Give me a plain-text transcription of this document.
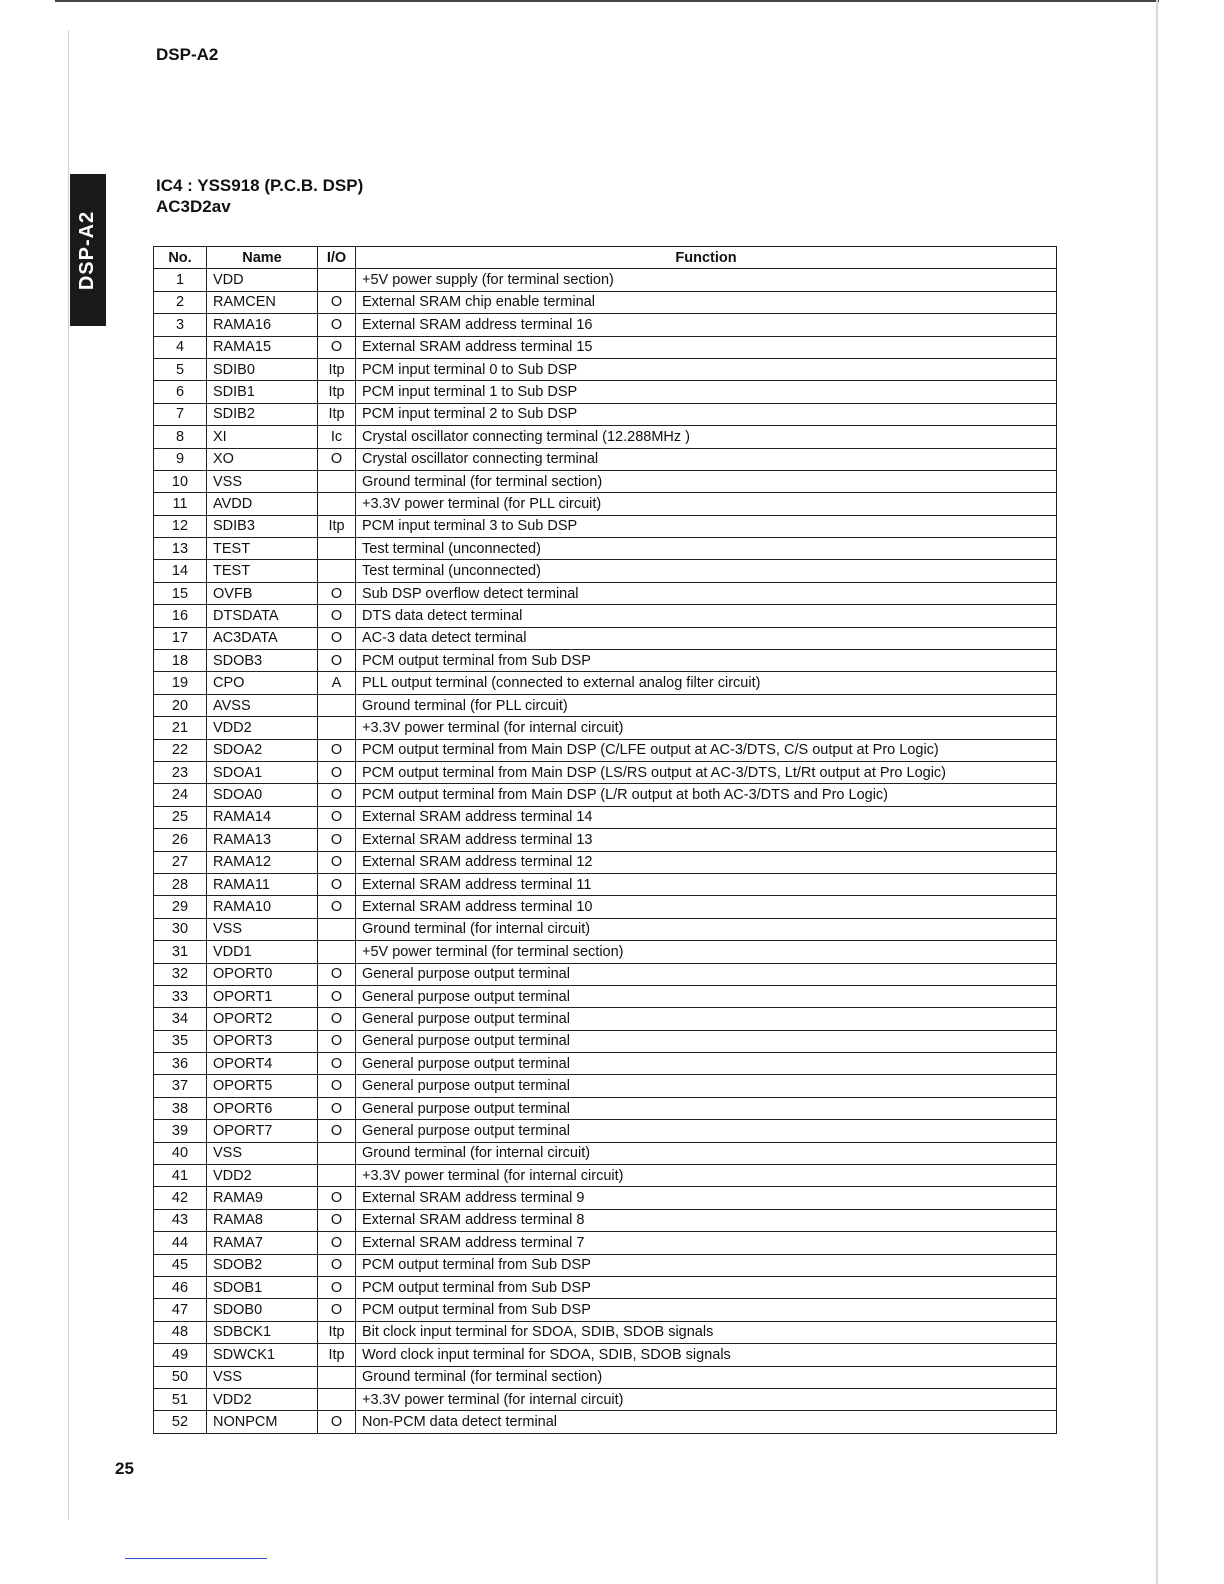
DSP-A2
DSP-A2
IC4 : YSS918 (P.C.B. DSP)
AC3D2av
No.	Name	I/O	Function
1	VDD		+5V power supply (for terminal section)
2	RAMCEN	O	External SRAM chip enable terminal
3	RAMA16	O	External SRAM address terminal 16
4	RAMA15	O	External SRAM address terminal 15
5	SDIB0	Itp	PCM input terminal 0 to Sub DSP
6	SDIB1	Itp	PCM input terminal 1 to Sub DSP
7	SDIB2	Itp	PCM input terminal 2 to Sub DSP
8	XI	Ic	Crystal oscillator connecting terminal (12.288MHz )
9	XO	O	Crystal oscillator connecting terminal
10	VSS		Ground terminal (for terminal section)
11	AVDD		+3.3V power terminal (for PLL circuit)
12	SDIB3	Itp	PCM input terminal 3 to Sub DSP
13	TEST		Test terminal (unconnected)
14	TEST		Test terminal (unconnected)
15	OVFB	O	Sub DSP overflow detect terminal
16	DTSDATA	O	DTS data detect terminal
17	AC3DATA	O	AC-3 data detect terminal
18	SDOB3	O	PCM output terminal from Sub DSP
19	CPO	A	PLL output terminal (connected to external analog filter circuit)
20	AVSS		Ground terminal (for PLL circuit)
21	VDD2		+3.3V power terminal (for internal circuit)
22	SDOA2	O	PCM output terminal from Main DSP (C/LFE output at AC-3/DTS, C/S output at Pro Logic)
23	SDOA1	O	PCM output terminal from Main DSP (LS/RS output at AC-3/DTS, Lt/Rt output at Pro Logic)
24	SDOA0	O	PCM output terminal from Main DSP (L/R output at both AC-3/DTS and Pro Logic)
25	RAMA14	O	External SRAM address terminal 14
26	RAMA13	O	External SRAM address terminal 13
27	RAMA12	O	External SRAM address terminal 12
28	RAMA11	O	External SRAM address terminal 11
29	RAMA10	O	External SRAM address terminal 10
30	VSS		Ground terminal (for internal circuit)
31	VDD1		+5V power terminal (for terminal section)
32	OPORT0	O	General purpose output terminal
33	OPORT1	O	General purpose output terminal
34	OPORT2	O	General purpose output terminal
35	OPORT3	O	General purpose output terminal
36	OPORT4	O	General purpose output terminal
37	OPORT5	O	General purpose output terminal
38	OPORT6	O	General purpose output terminal
39	OPORT7	O	General purpose output terminal
40	VSS		Ground terminal (for internal circuit)
41	VDD2		+3.3V power terminal (for internal circuit)
42	RAMA9	O	External SRAM address terminal 9
43	RAMA8	O	External SRAM address terminal 8
44	RAMA7	O	External SRAM address terminal 7
45	SDOB2	O	PCM output terminal from Sub DSP
46	SDOB1	O	PCM output terminal from Sub DSP
47	SDOB0	O	PCM output terminal from Sub DSP
48	SDBCK1	Itp	Bit clock input terminal for SDOA, SDIB, SDOB signals
49	SDWCK1	Itp	Word clock input terminal for SDOA, SDIB, SDOB signals
50	VSS		Ground terminal (for terminal section)
51	VDD2		+3.3V power terminal (for internal circuit)
52	NONPCM	O	Non-PCM data detect terminal
25
